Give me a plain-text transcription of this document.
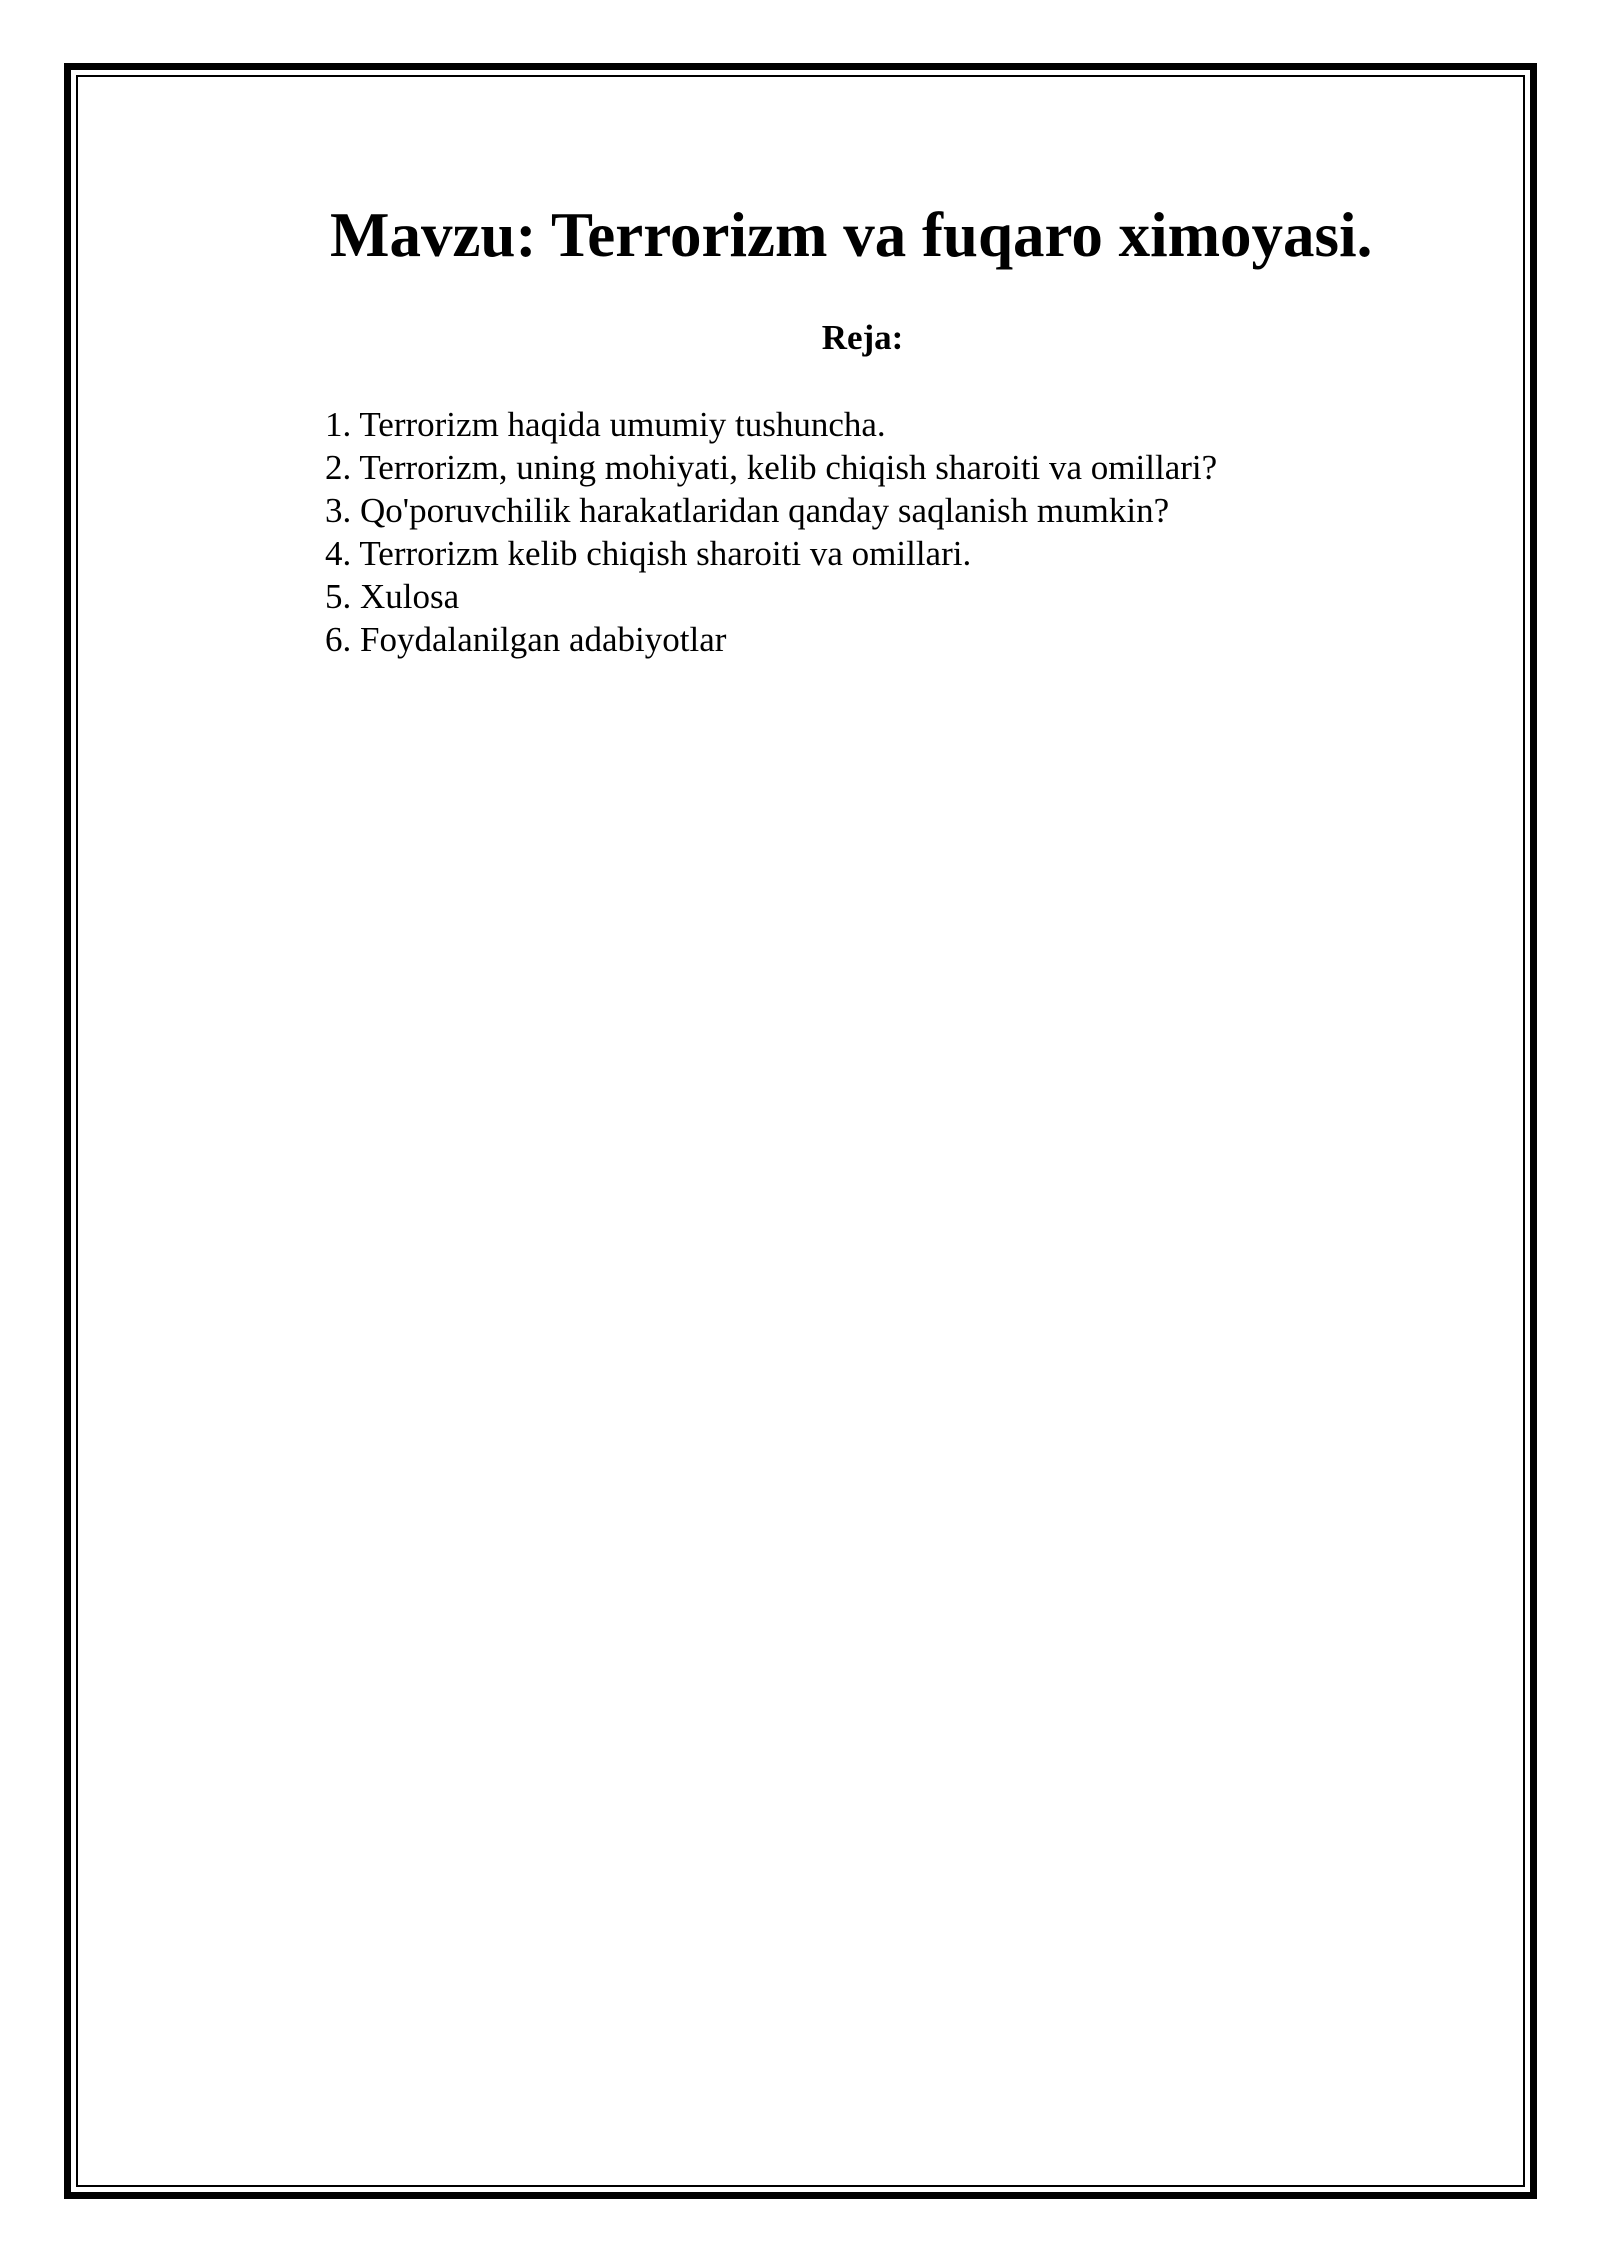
Mavzu: Terrorizm va fuqaro ximoyasi.
Reja:
1. Terrorizm haqida umumiy tushuncha.
2. Terrorizm, uning mohiyati, kelib chiqish sharoiti va omillari?
3. Qo'poruvchilik harakatlaridan qanday saqlanish mumkin?
4. Terrorizm kelib chiqish sharoiti va omillari.
5. Xulosa
6. Foydalanilgan adabiyotlar
